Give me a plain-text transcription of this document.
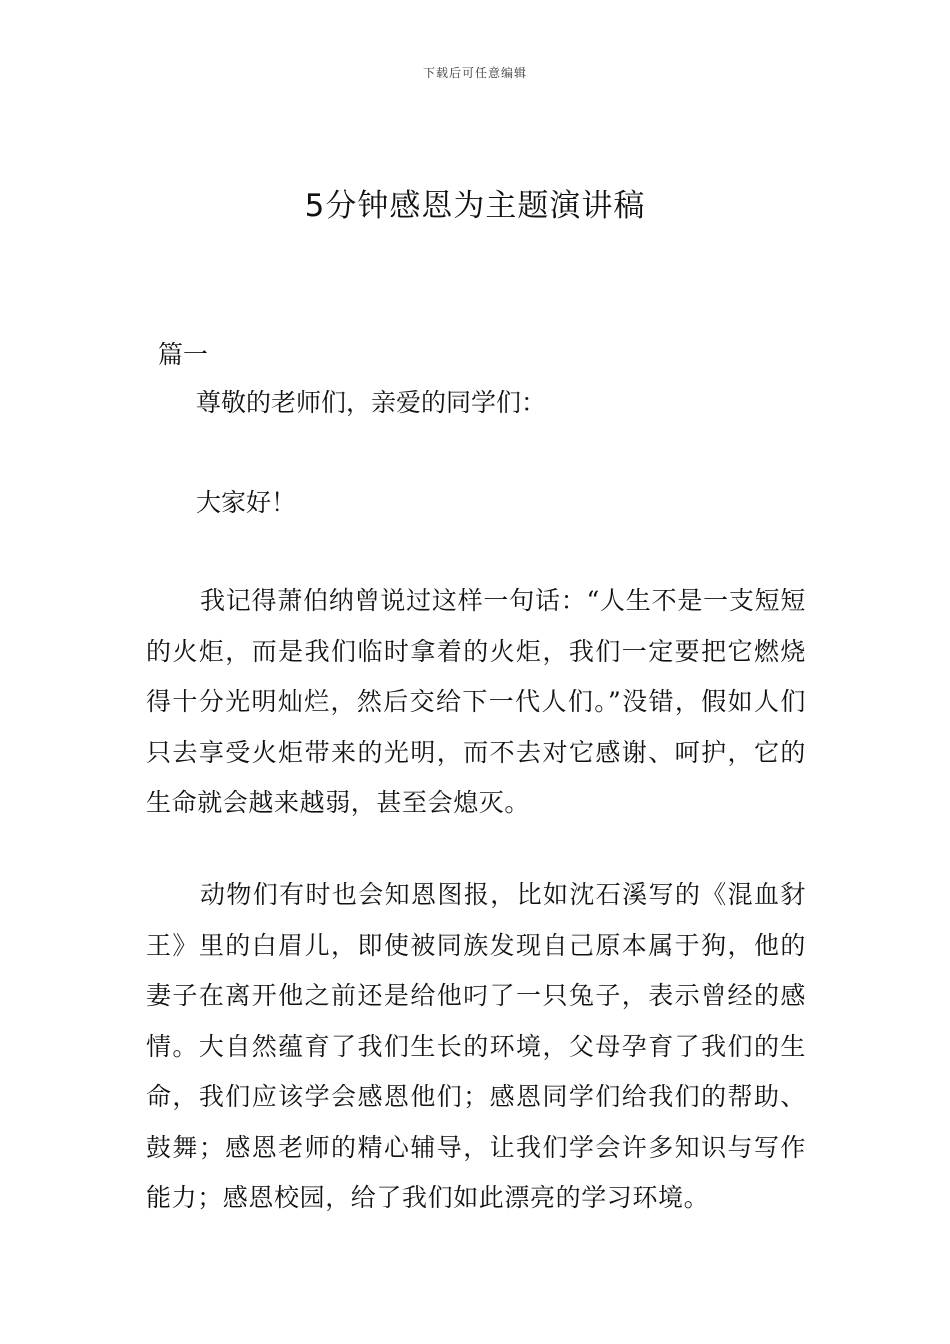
下载后可任意编辑
5分钟感恩为主题演讲稿
篇一
尊敬的老师们，亲爱的同学们：
大家好！
我记得萧伯纳曾说过这样一句话：“人生不是一支短短的火炬，而是我们临时拿着的火炬，我们一定要把它燃烧得十分光明灿烂，然后交给下一代人们。”没错，假如人们只去享受火炬带来的光明，而不去对它感谢、呵护，它的生命就会越来越弱，甚至会熄灭。
动物们有时也会知恩图报，比如沈石溪写的《混血豺王》里的白眉儿，即使被同族发现自己原本属于狗，他的妻子在离开他之前还是给他叼了一只兔子，表示曾经的感情。大自然蕴育了我们生长的环境，父母孕育了我们的生命，我们应该学会感恩他们；感恩同学们给我们的帮助、鼓舞；感恩老师的精心辅导，让我们学会许多知识与写作能力；感恩校园，给了我们如此漂亮的学习环境。
